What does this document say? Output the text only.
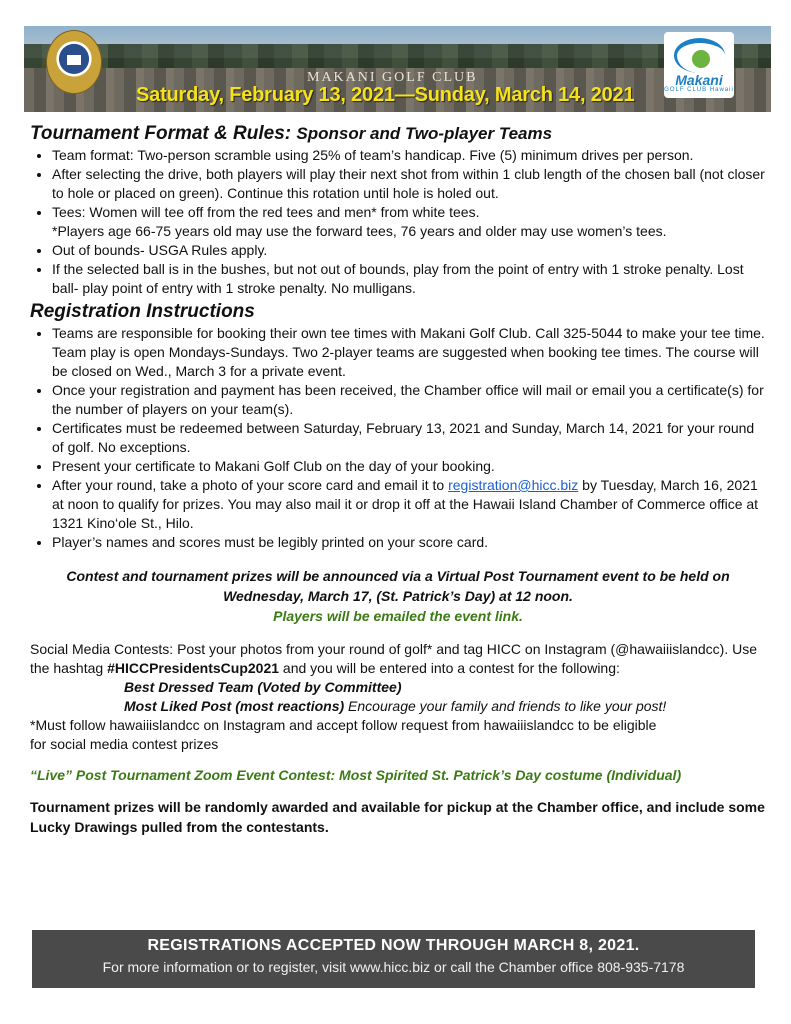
MAKANI GOLF CLUB
Saturday, February 13, 2021—Sunday, March 14, 2021
Makani
GOLF CLUB Hawaii
Tournament Format & Rules: Sponsor and Two-player Teams
• Team format: Two-person scramble using 25% of team’s handicap. Five (5) minimum drives per person.
• After selecting the drive, both players will play their next shot from within 1 club length of the chosen ball (not closer to hole or placed on green). Continue this rotation until hole is holed out.
• Tees: Women will tee off from the red tees and men* from white tees.
*Players age 66-75 years old may use the forward tees, 76 years and older may use women’s tees.
• Out of bounds- USGA Rules apply.
• If the selected ball is in the bushes, but not out of bounds, play from the point of entry with 1 stroke penalty. Lost ball- play point of entry with 1 stroke penalty. No mulligans.
Registration Instructions
• Teams are responsible for booking their own tee times with Makani Golf Club. Call 325-5044 to make your tee time. Team play is open Mondays-Sundays. Two 2-player teams are suggested when booking tee times. The course will be closed on Wed., March 3 for a private event.
• Once your registration and payment has been received, the Chamber office will mail or email you a certificate(s) for the number of players on your team(s).
• Certificates must be redeemed between Saturday, February 13, 2021 and Sunday, March 14, 2021 for your round of golf. No exceptions.
• Present your certificate to Makani Golf Club on the day of your booking.
• After your round, take a photo of your score card and email it to registration@hicc.biz by Tuesday, March 16, 2021 at noon to qualify for prizes. You may also mail it or drop it off at the Hawaii Island Chamber of Commerce office at 1321 Kino‘ole St., Hilo.
• Player’s names and scores must be legibly printed on your score card.
Contest and tournament prizes will be announced via a Virtual Post Tournament event to be held on
Wednesday, March 17, (St. Patrick’s Day) at 12 noon.
Players will be emailed the event link.

Social Media Contests: Post your photos from your round of golf* and tag HICC on Instagram (@hawaiiislandcc). Use the hashtag #HICCPresidentsCup2021 and you will be entered into a contest for the following:

Best Dressed Team (Voted by Committee)

Most Liked Post (most reactions) Encourage your family and friends to like your post!

*Must follow hawaiiislandcc on Instagram and accept follow request from hawaiiislandcc to be eligible
for social media contest prizes

“Live” Post Tournament Zoom Event Contest: Most Spirited St. Patrick’s Day costume (Individual)
Tournament prizes will be randomly awarded and available for pickup at the Chamber office, and include some Lucky Drawings pulled from the contestants.
REGISTRATIONS ACCEPTED NOW THROUGH MARCH 8, 2021.
For more information or to register, visit www.hicc.biz or call the Chamber office 808-935-7178
